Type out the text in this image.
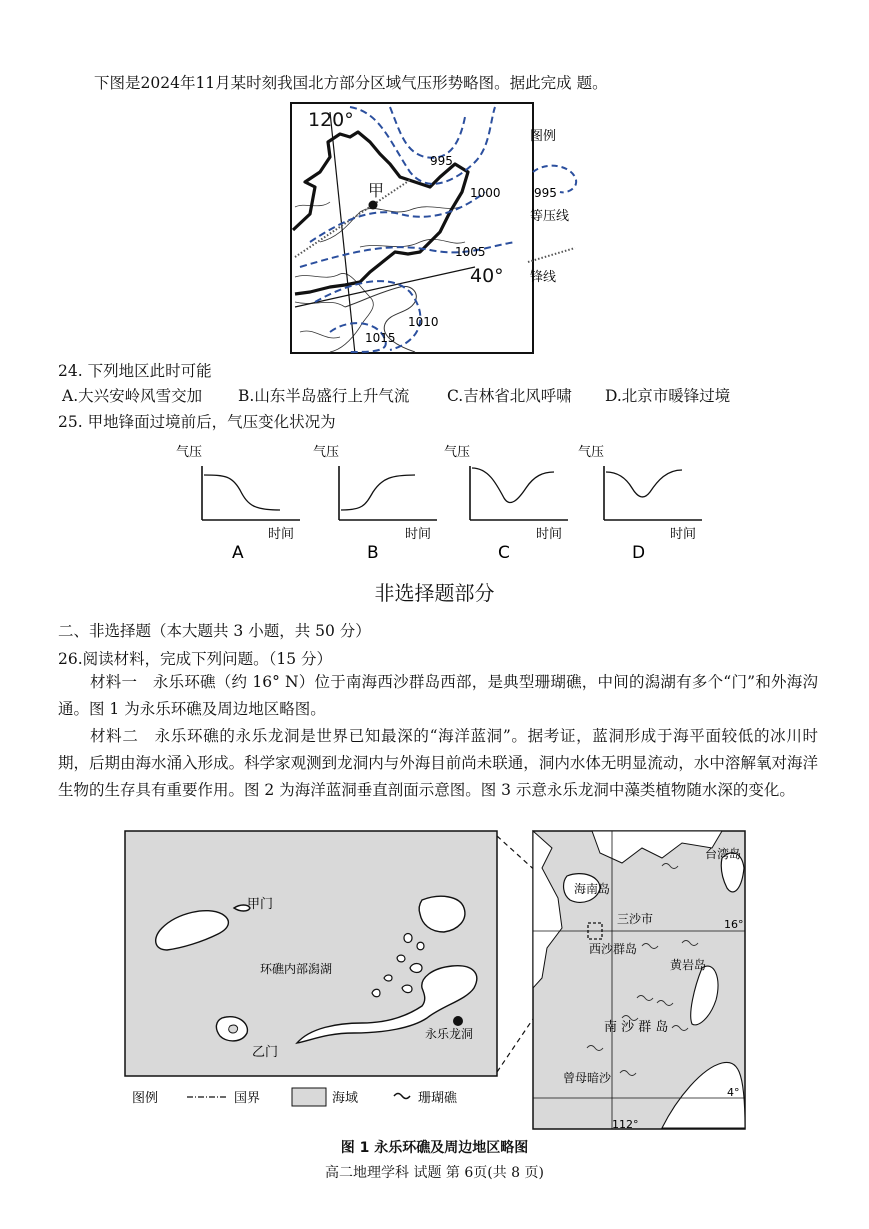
下图是2024年11月某时刻我国北方部分区域气压形势略图。据此完成 题。
120°
甲
40°
995
1000
1005
1010
1015
图例
995
等压线
锋线
24. 下列地区此时可能
A.大兴安岭风雪交加 B.山东半岛盛行上升气流 C.吉林省北风呼啸 D.北京市暖锋过境
25. 甲地锋面过境前后，气压变化状况为
气压
时间
A
气压
时间
B
气压
时间
C
气压
时间
D
非选择题部分
二、非选择题（本大题共 3 小题，共 50 分）
26.阅读材料，完成下列问题。（15 分）
材料一　永乐环礁（约 16° N）位于南海西沙群岛西部，是典型珊瑚礁，中间的潟湖有多个“门”和外海沟通。图 1 为永乐环礁及周边地区略图。
材料二　永乐环礁的永乐龙洞是世界已知最深的“海洋蓝洞”。据考证，蓝洞形成于海平面较低的冰川时期，后期由海水涌入形成。科学家观测到龙洞内与外海目前尚未联通，洞内水体无明显流动，水中溶解氧对海洋生物的生存具有重要作用。图 2 为海洋蓝洞垂直剖面示意图。图 3 示意永乐龙洞中藻类植物随水深的变化。
甲门
环礁内部潟湖
永乐龙洞
乙门
台湾岛
海南岛
三沙市
西沙群岛
黄岩岛
南 沙 群 岛
曾母暗沙
16°
4°
112°
图例	国界	海域	珊瑚礁
图 1 永乐环礁及周边地区略图
高二地理学科 试题 第 6页(共 8 页)
